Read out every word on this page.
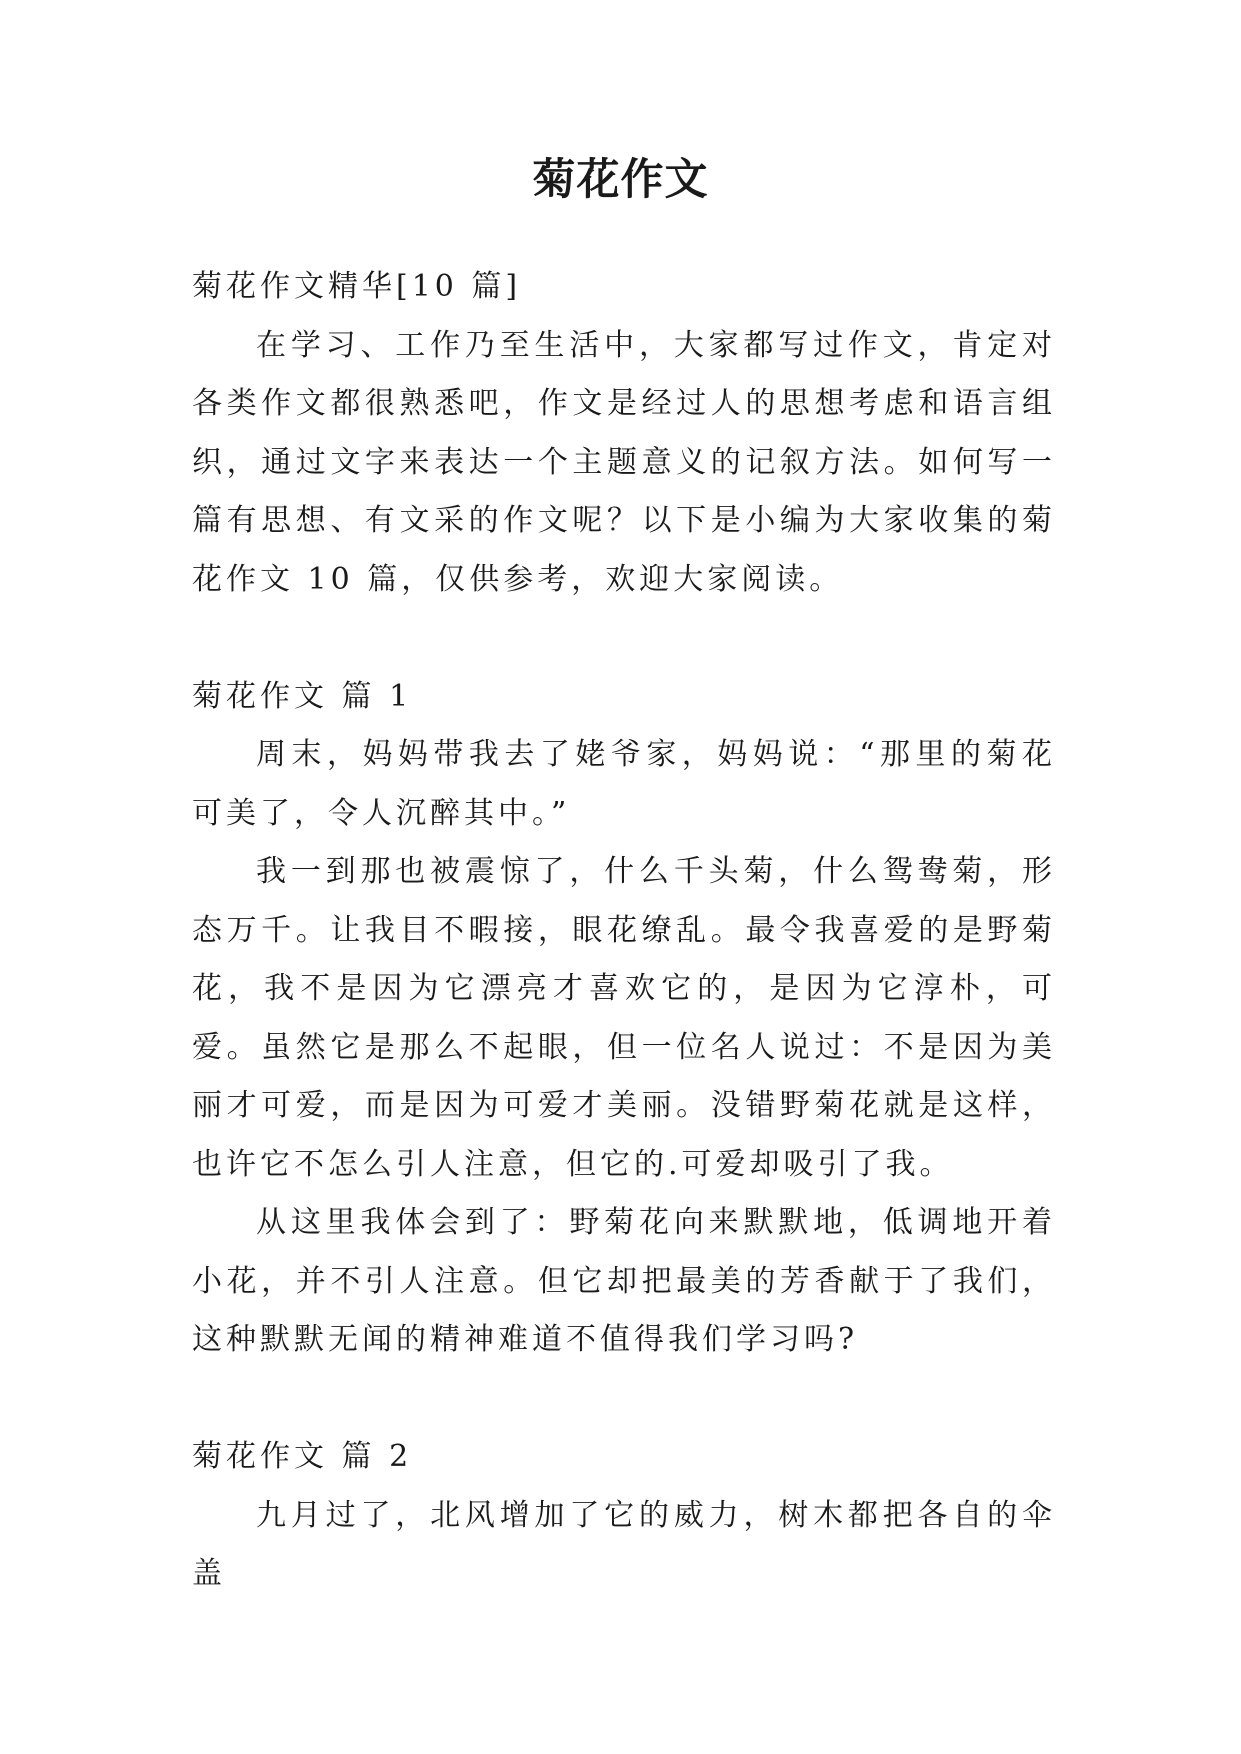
菊花作文

菊花作文精华[10 篇]

在学习、工作乃至生活中，大家都写过作文，肯定对各类作文都很熟悉吧，作文是经过人的思想考虑和语言组织，通过文字来表达一个主题意义的记叙方法。如何写一篇有思想、有文采的作文呢？以下是小编为大家收集的菊花作文 10 篇，仅供参考，欢迎大家阅读。

菊花作文 篇 1

周末，妈妈带我去了姥爷家，妈妈说：“那里的菊花可美了，令人沉醉其中。”

我一到那也被震惊了，什么千头菊，什么鸳鸯菊，形态万千。让我目不暇接，眼花缭乱。最令我喜爱的是野菊花，我不是因为它漂亮才喜欢它的，是因为它淳朴，可爱。虽然它是那么不起眼，但一位名人说过：不是因为美丽才可爱，而是因为可爱才美丽。没错野菊花就是这样，也许它不怎么引人注意，但它的.可爱却吸引了我。

从这里我体会到了：野菊花向来默默地，低调地开着小花，并不引人注意。但它却把最美的芳香献于了我们，这种默默无闻的精神难道不值得我们学习吗?

菊花作文 篇 2

九月过了，北风增加了它的威力，树木都把各自的伞盖
